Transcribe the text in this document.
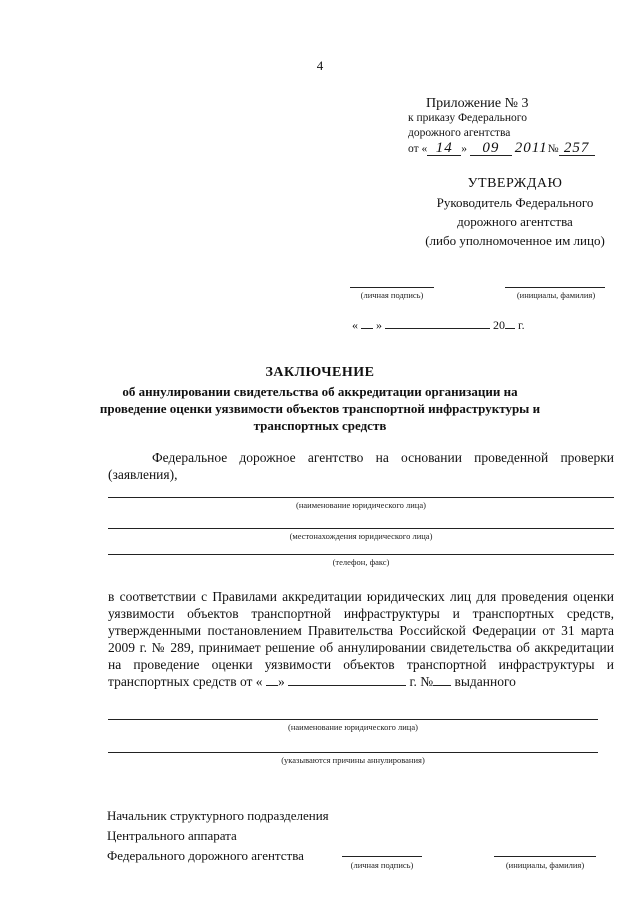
4
Приложение № 3
к приказу Федерального
дорожного агентства
от « 14 » 09 2011№ 257
УТВЕРЖДАЮ
Руководитель Федерального
дорожного агентства
(либо уполномоченное им лицо)
(личная подпись)	(инициалы, фамилия)
« »	20 г.
ЗАКЛЮЧЕНИЕ
об аннулировании свидетельства об аккредитации организации на
проведение оценки уязвимости объектов транспортной инфраструктуры и
транспортных средств
Федеральное дорожное агентство на основании проведенной проверки (заявления),
(наименование юридического лица)
(местонахождения юридического лица)
(телефон, факс)
в соответствии с Правилами аккредитации юридических лиц для проведения оценки уязвимости объектов транспортной инфраструктуры и транспортных средств, утвержденными постановлением Правительства Российской Федерации от 31 марта 2009 г. № 289, принимает решение об аннулировании свидетельства об аккредитации на проведение оценки уязвимости объектов транспортной инфраструктуры и транспортных средств от « »	г. № выданного
(наименование юридического лица)
(указываются причины аннулирования)
Начальник структурного подразделения
Центрального аппарата
Федерального дорожного агентства
(личная подпись)	(инициалы, фамилия)
